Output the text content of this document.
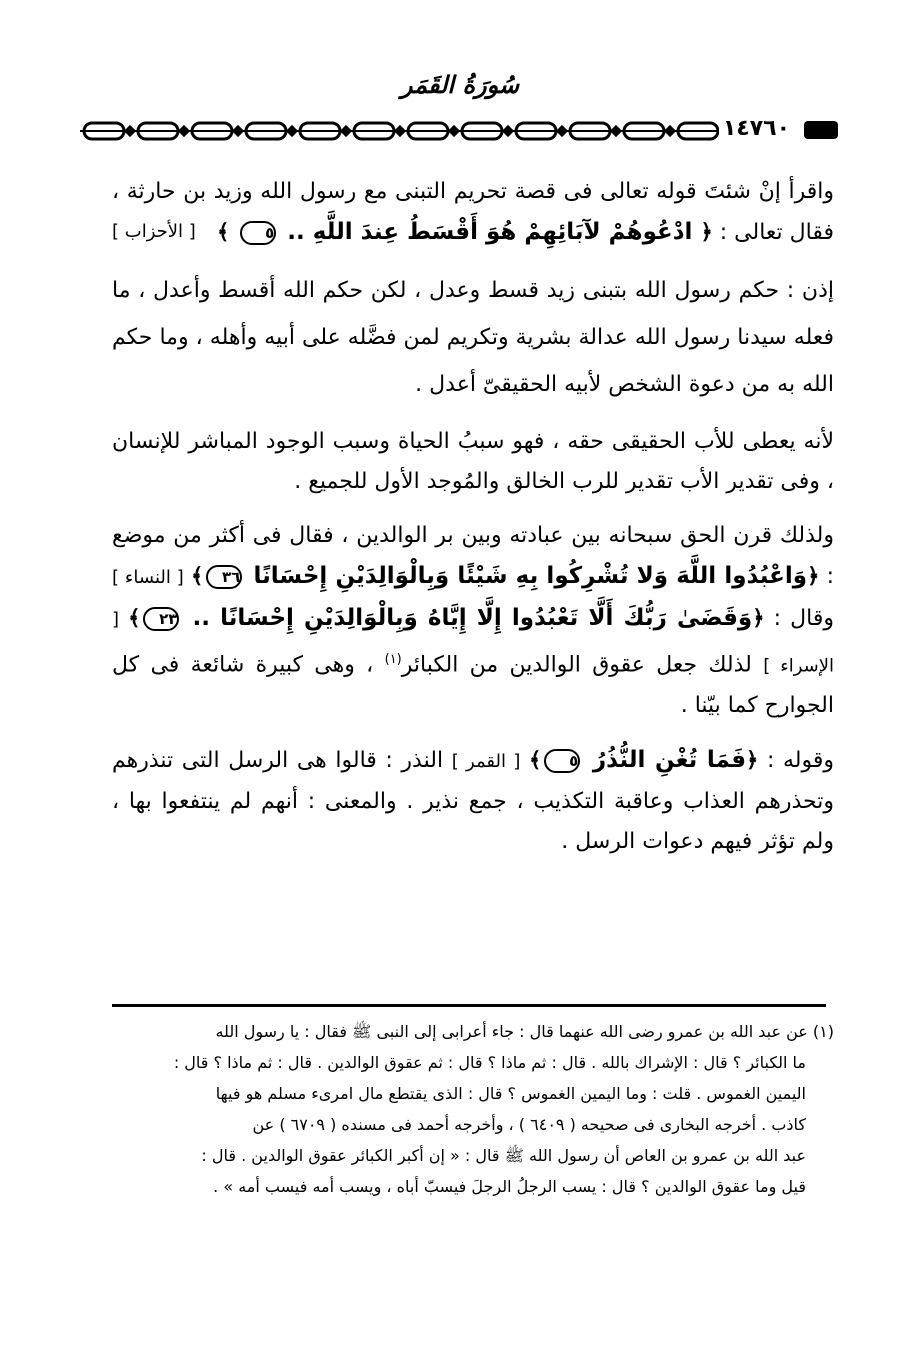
سُورَةُ القَمَر
١٤٧٦٠

واقرأ إنْ شئتَ قوله تعالى فى قصة تحريم التبنى مع رسول الله وزيد بن حارثة ، فقال تعالى : ﴿ ادْعُوهُمْ لآبَائِهِمْ هُوَ أَقْسَطُ عِندَ اللَّهِ .. ٥ ﴾
[ الأحزاب ]

إذن : حكم رسول الله بتبنى زيد قسط وعدل ، لكن حكم الله أقسط وأعدل ، ما فعله سيدنا رسول الله عدالة بشرية وتكريم لمن فضَّله على أبيه وأهله ، وما حكم الله به من دعوة الشخص لأبيه الحقيقىّ أعدل .

لأنه يعطى للأب الحقيقى حقه ، فهو سببُ الحياة وسبب الوجود المباشر للإنسان ، وفى تقدير الأب تقدير للرب الخالق والمُوجد الأول للجميع .

ولذلك قرن الحق سبحانه بين عبادته وبين بر الوالدين ، فقال فى أكثر من موضع : ﴿وَاعْبُدُوا اللَّهَ وَلا تُشْرِكُوا بِهِ شَيْئًا وَبِالْوَالِدَيْنِ إِحْسَانًا ٣٦﴾ [ النساء ] وقال : ﴿وَقَضَىٰ رَبُّكَ أَلَّا تَعْبُدُوا إِلَّا إِيَّاهُ وَبِالْوَالِدَيْنِ إِحْسَانًا .. ٢٣﴾ [ الإسراء ] لذلك جعل عقوق الوالدين من الكبائر$^{(١)}$ ، وهى كبيرة شائعة فى كل الجوارح كما بيّنا .

وقوله : ﴿فَمَا تُغْنِ النُّذُرُ ٥﴾ [ القمر ] النذر : قالوا هى الرسل التى تنذرهم وتحذرهم العذاب وعاقبة التكذيب ، جمع نذير . والمعنى : أنهم لم ينتفعوا بها ، ولم تؤثر فيهم دعوات الرسل .

(١) عن عبد الله بن عمرو رضى الله عنهما قال : جاء أعرابى إلى النبى ﷺ فقال : يا رسول الله

ما الكبائر ؟ قال : الإشراك بالله . قال : ثم ماذا ؟ قال : ثم عقوق الوالدين . قال : ثم ماذا ؟ قال :

اليمين الغموس . قلت : وما اليمين الغموس ؟ قال : الذى يقتطع مال امرىء مسلم هو فيها

كاذب . أخرجه البخارى فى صحيحه ( ٦٤٠٩ ) ، وأخرجه أحمد فى مسنده ( ٦٧٠٩ ) عن

عبد الله بن عمرو بن العاص أن رسول الله ﷺ قال : « إن أكبر الكبائر عقوق الوالدين . قال :

قيل وما عقوق الوالدين ؟ قال : يسب الرجلُ الرجلَ فيسبّ أباه ، ويسب أمه فيسب أمه » .
